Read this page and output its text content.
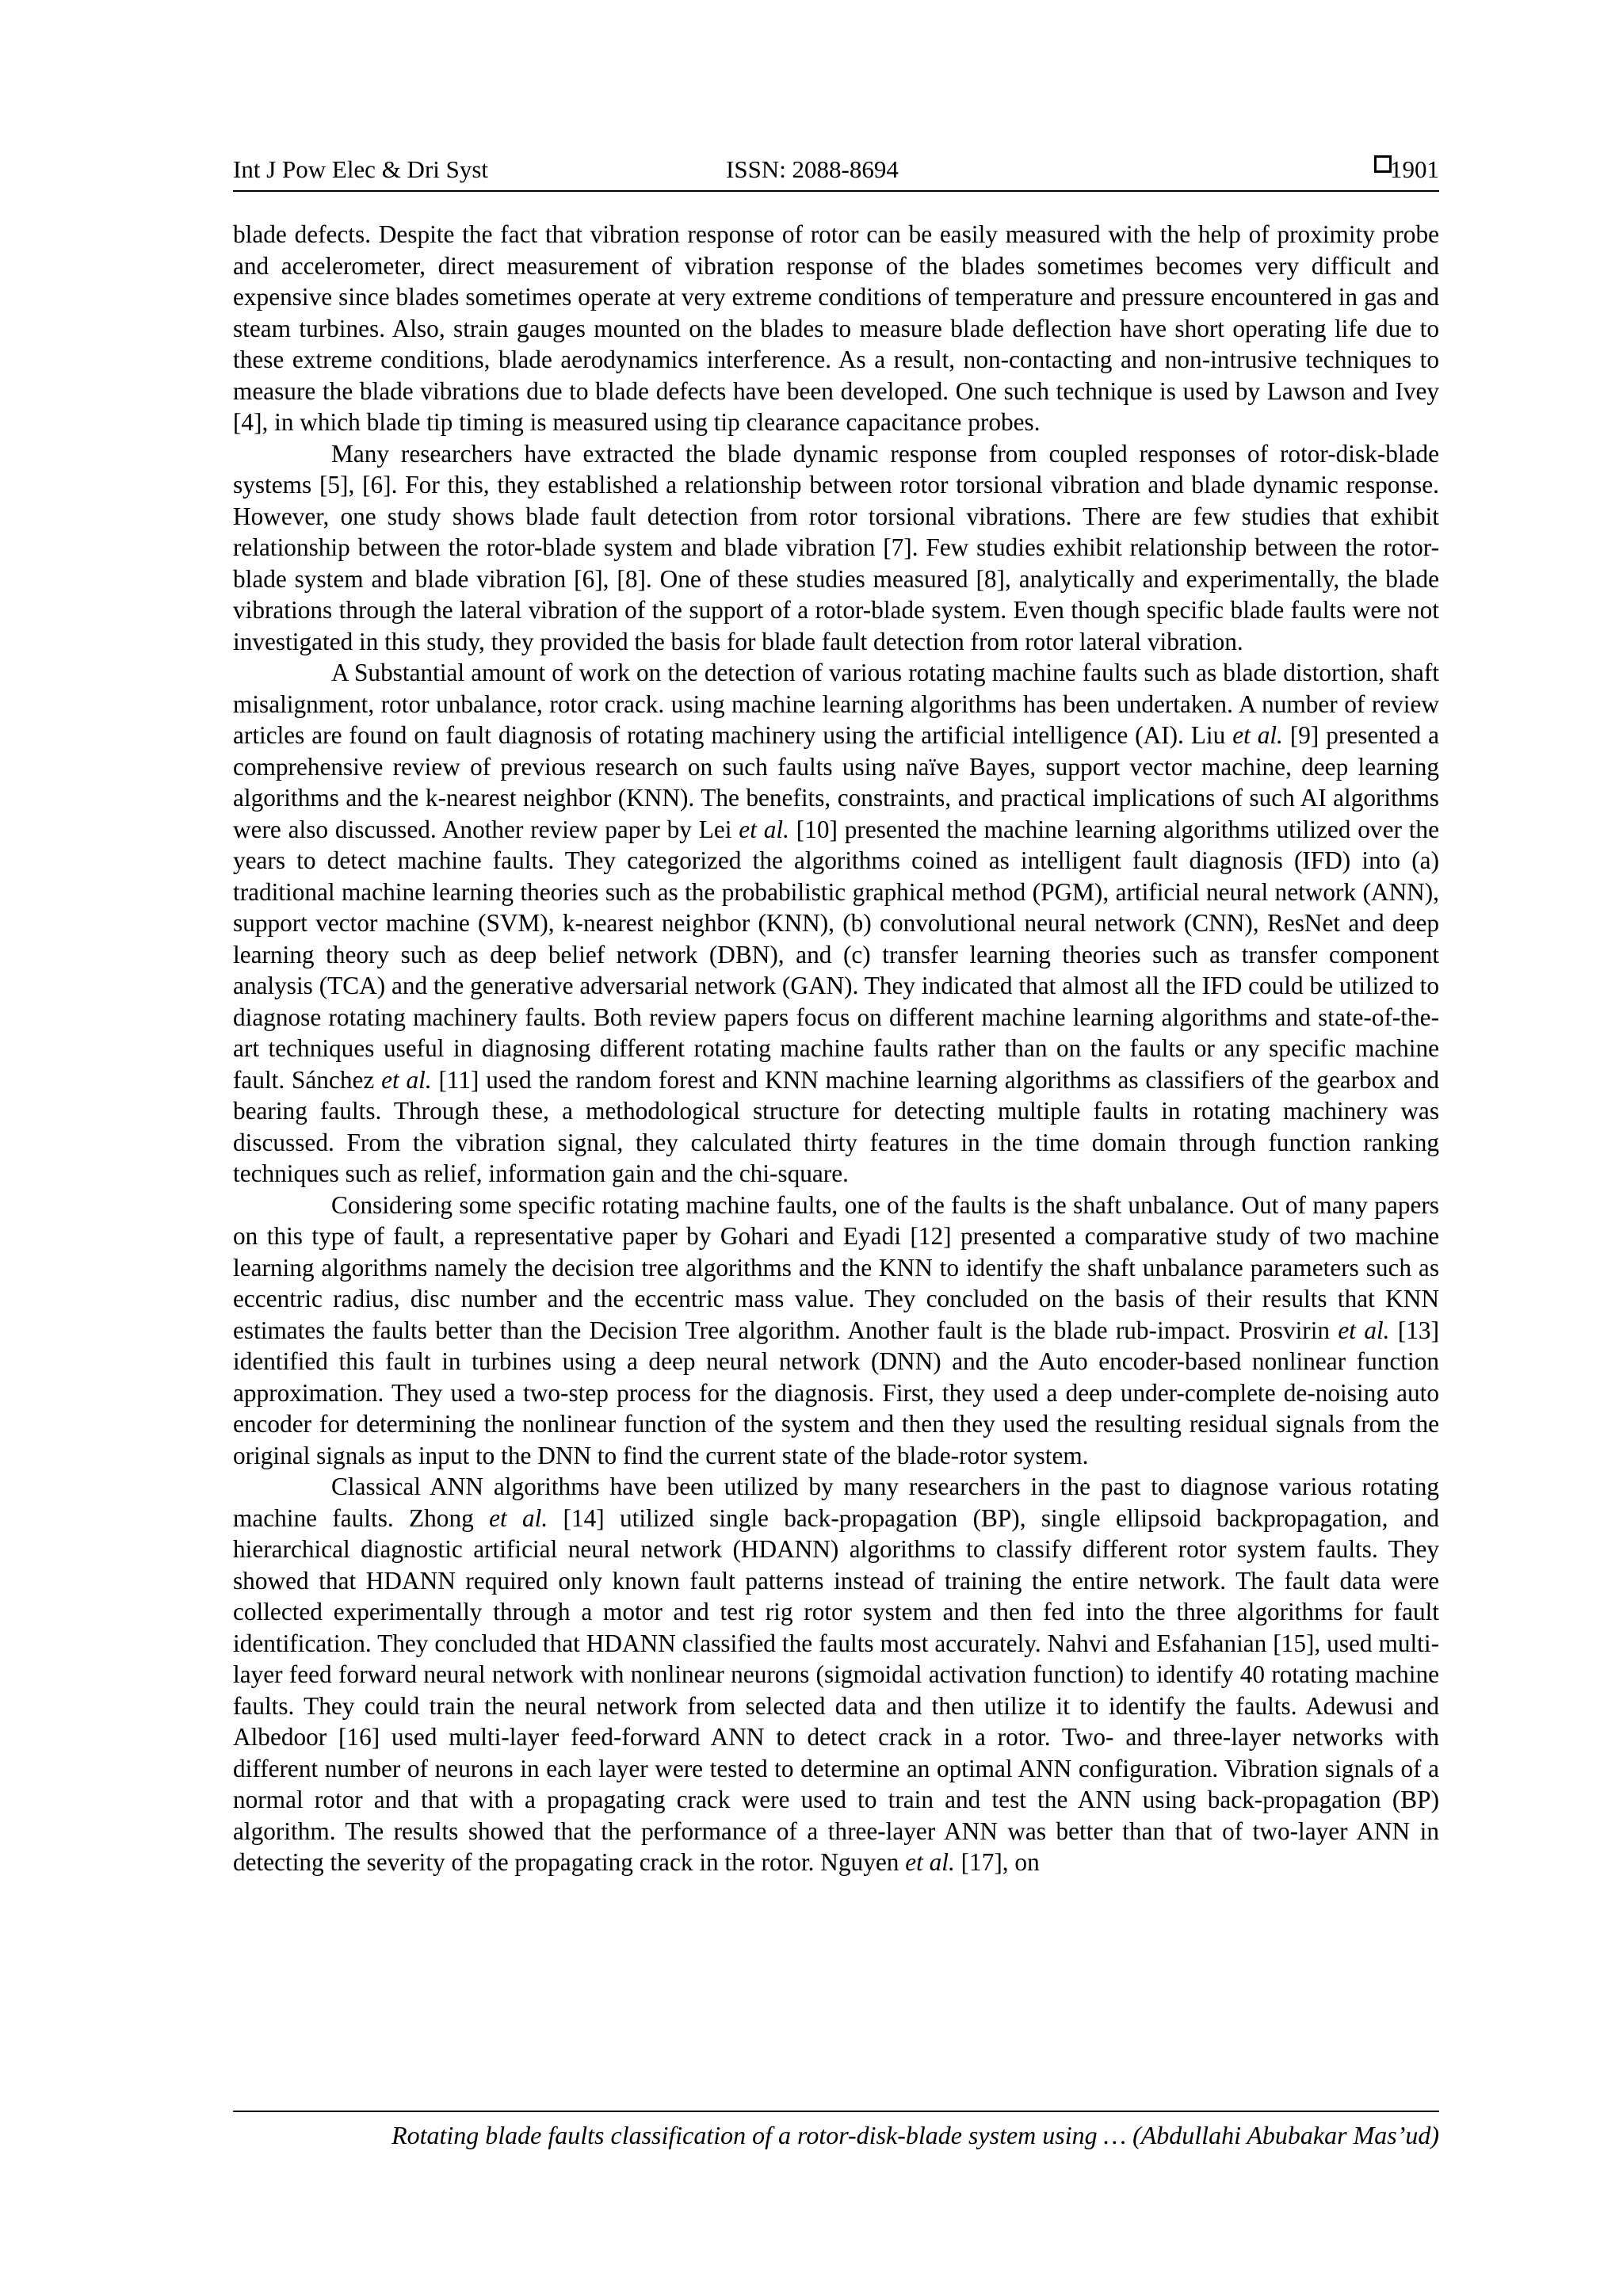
Int J Pow Elec & Dri Syst	ISSN: 2088-8694	1901

blade defects. Despite the fact that vibration response of rotor can be easily measured with the help of proximity probe and accelerometer, direct measurement of vibration response of the blades sometimes becomes very difficult and expensive since blades sometimes operate at very extreme conditions of temperature and pressure encountered in gas and steam turbines. Also, strain gauges mounted on the blades to measure blade deflection have short operating life due to these extreme conditions, blade aerodynamics interference. As a result, non-contacting and non-intrusive techniques to measure the blade vibrations due to blade defects have been developed. One such technique is used by Lawson and Ivey [4], in which blade tip timing is measured using tip clearance capacitance probes.

Many researchers have extracted the blade dynamic response from coupled responses of rotor-disk-blade systems [5], [6]. For this, they established a relationship between rotor torsional vibration and blade dynamic response. However, one study shows blade fault detection from rotor torsional vibrations. There are few studies that exhibit relationship between the rotor-blade system and blade vibration [7]. Few studies exhibit relationship between the rotor-blade system and blade vibration [6], [8]. One of these studies measured [8], analytically and experimentally, the blade vibrations through the lateral vibration of the support of a rotor-blade system. Even though specific blade faults were not investigated in this study, they provided the basis for blade fault detection from rotor lateral vibration.

A Substantial amount of work on the detection of various rotating machine faults such as blade distortion, shaft misalignment, rotor unbalance, rotor crack. using machine learning algorithms has been undertaken. A number of review articles are found on fault diagnosis of rotating machinery using the artificial intelligence (AI). Liu et al. [9] presented a comprehensive review of previous research on such faults using naïve Bayes, support vector machine, deep learning algorithms and the k-nearest neighbor (KNN). The benefits, constraints, and practical implications of such AI algorithms were also discussed. Another review paper by Lei et al. [10] presented the machine learning algorithms utilized over the years to detect machine faults. They categorized the algorithms coined as intelligent fault diagnosis (IFD) into (a) traditional machine learning theories such as the probabilistic graphical method (PGM), artificial neural network (ANN), support vector machine (SVM), k-nearest neighbor (KNN), (b) convolutional neural network (CNN), ResNet and deep learning theory such as deep belief network (DBN), and (c) transfer learning theories such as transfer component analysis (TCA) and the generative adversarial network (GAN). They indicated that almost all the IFD could be utilized to diagnose rotating machinery faults. Both review papers focus on different machine learning algorithms and state-of-the-art techniques useful in diagnosing different rotating machine faults rather than on the faults or any specific machine fault. Sánchez et al. [11] used the random forest and KNN machine learning algorithms as classifiers of the gearbox and bearing faults. Through these, a methodological structure for detecting multiple faults in rotating machinery was discussed. From the vibration signal, they calculated thirty features in the time domain through function ranking techniques such as relief, information gain and the chi-square.

Considering some specific rotating machine faults, one of the faults is the shaft unbalance. Out of many papers on this type of fault, a representative paper by Gohari and Eyadi [12] presented a comparative study of two machine learning algorithms namely the decision tree algorithms and the KNN to identify the shaft unbalance parameters such as eccentric radius, disc number and the eccentric mass value. They concluded on the basis of their results that KNN estimates the faults better than the Decision Tree algorithm. Another fault is the blade rub-impact. Prosvirin et al. [13] identified this fault in turbines using a deep neural network (DNN) and the Auto encoder-based nonlinear function approximation. They used a two-step process for the diagnosis. First, they used a deep under-complete de-noising auto encoder for determining the nonlinear function of the system and then they used the resulting residual signals from the original signals as input to the DNN to find the current state of the blade-rotor system.

Classical ANN algorithms have been utilized by many researchers in the past to diagnose various rotating machine faults. Zhong et al. [14] utilized single back-propagation (BP), single ellipsoid backpropagation, and hierarchical diagnostic artificial neural network (HDANN) algorithms to classify different rotor system faults. They showed that HDANN required only known fault patterns instead of training the entire network. The fault data were collected experimentally through a motor and test rig rotor system and then fed into the three algorithms for fault identification. They concluded that HDANN classified the faults most accurately. Nahvi and Esfahanian [15], used multi-layer feed forward neural network with nonlinear neurons (sigmoidal activation function) to identify 40 rotating machine faults. They could train the neural network from selected data and then utilize it to identify the faults. Adewusi and Albedoor [16] used multi-layer feed-forward ANN to detect crack in a rotor. Two- and three-layer networks with different number of neurons in each layer were tested to determine an optimal ANN configuration. Vibration signals of a normal rotor and that with a propagating crack were used to train and test the ANN using back-propagation (BP) algorithm. The results showed that the performance of a three-layer ANN was better than that of two-layer ANN in detecting the severity of the propagating crack in the rotor. Nguyen et al. [17], on

Rotating blade faults classification of a rotor-disk-blade system using … (Abdullahi Abubakar Mas’ud)
